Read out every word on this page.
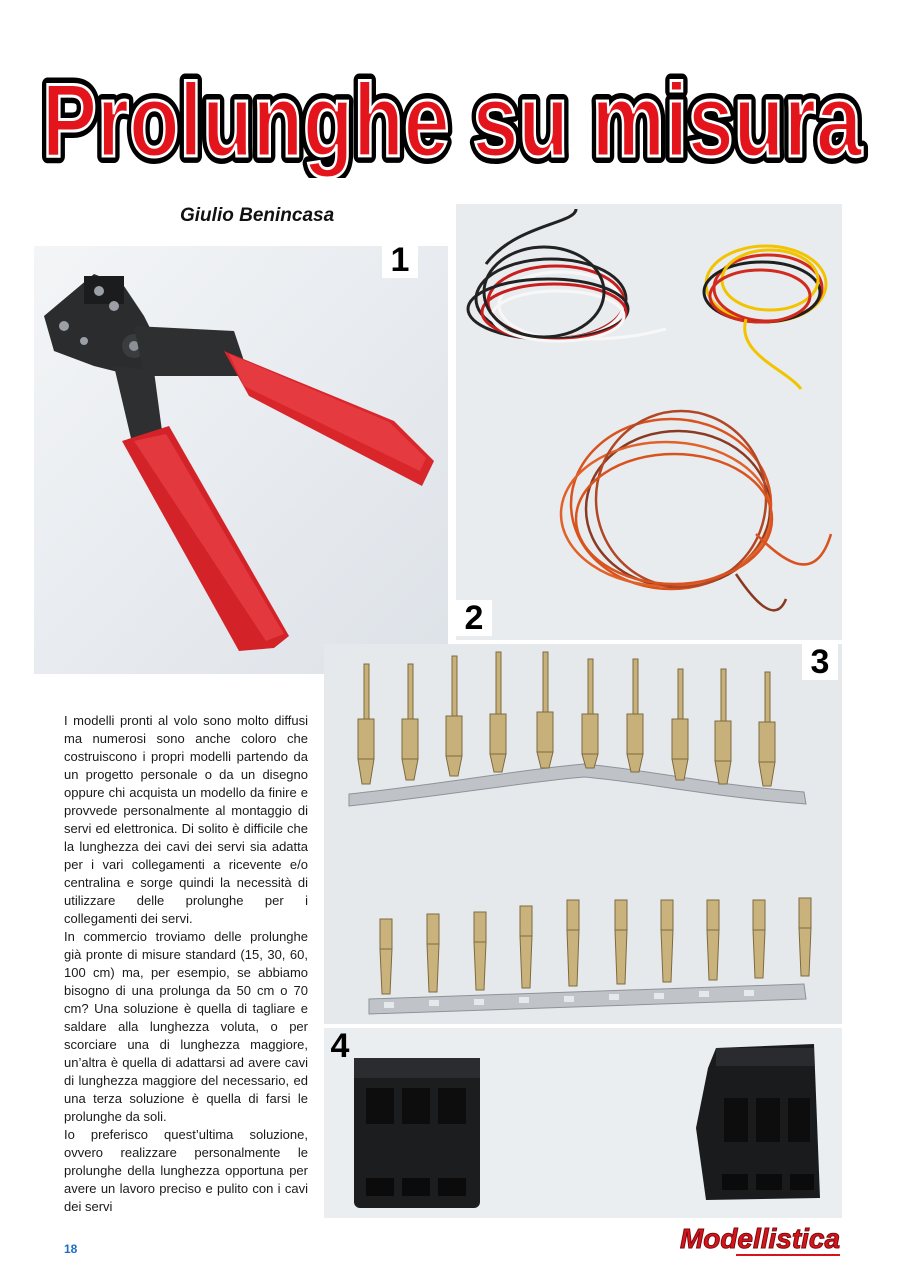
Prolunghe su misura
Prolunghe su misura
Giulio Benincasa
1
2
3
4

I modelli pronti al volo sono molto diffusi ma numerosi sono anche coloro che costruiscono i propri modelli partendo da un progetto personale o da un disegno oppure chi acquista un modello da finire e provvede personalmente al montaggio di servi ed elettronica. Di solito è difficile che la lunghezza dei cavi dei servi sia adatta per i vari collegamenti a ricevente e/o centralina e sorge quindi la necessità di utilizzare delle prolunghe per i collegamenti dei servi.

In commercio troviamo delle prolunghe già pronte di misure standard (15, 30, 60, 100 cm) ma, per esempio, se abbiamo bisogno di una prolunga da 50 cm o 70 cm? Una soluzione è quella di tagliare e saldare alla lunghezza voluta, o per scorciare una di lunghezza maggiore, un’altra è quella di adattarsi ad avere cavi di lunghezza maggiore del necessario, ed una terza soluzione è quella di farsi le prolunghe da soli.

Io preferisco quest’ultima soluzione, ovvero realizzare personalmente le prolunghe della lunghezza opportuna per avere un lavoro preciso e pulito con i cavi dei servi

18	Modellistica
